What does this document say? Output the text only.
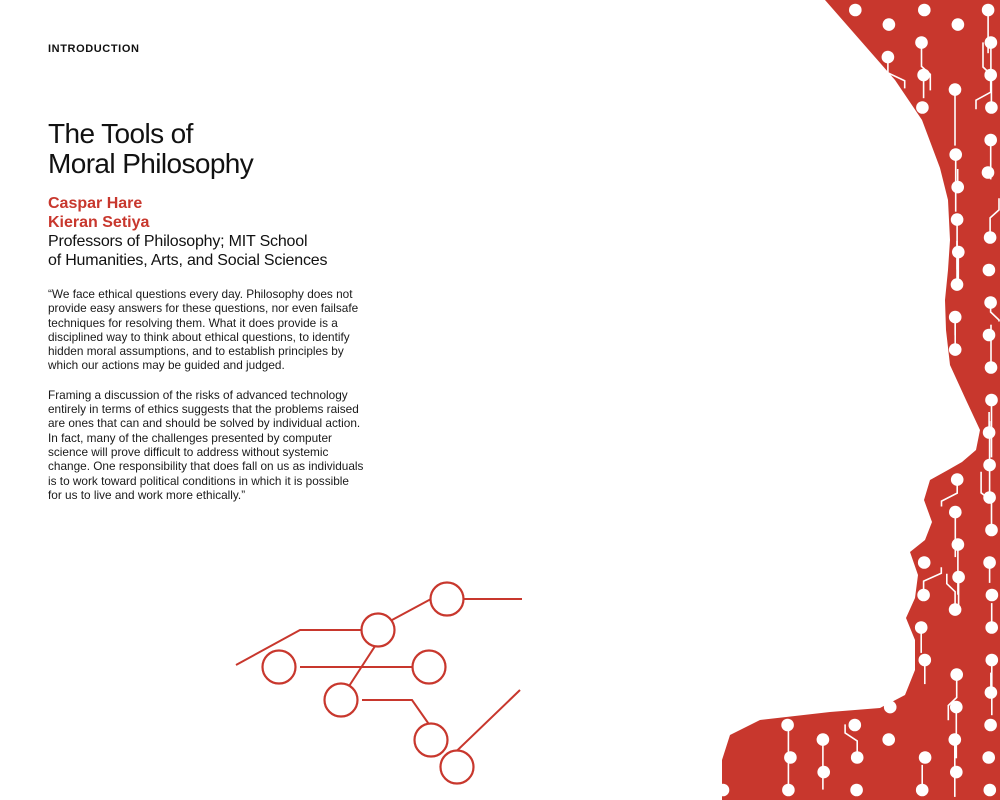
INTRODUCTION
The Tools of
Moral Philosophy
Caspar Hare
Kieran Setiya
Professors of Philosophy; MIT School
of Humanities, Arts, and Social Sciences

“We face ethical questions every day. Philosophy does not
provide easy answers for these questions, nor even failsafe
techniques for resolving them. What it does provide is a
disciplined way to think about ethical questions, to identify
hidden moral assumptions, and to establish principles by
which our actions may be guided and judged.

Framing a discussion of the risks of advanced technology
entirely in terms of ethics suggests that the problems raised
are ones that can and should be solved by individual action.
In fact, many of the challenges presented by computer
science will prove difficult to address without systemic
change. One responsibility that does fall on us as individuals
is to work toward political conditions in which it is possible
for us to live and work more ethically.”
